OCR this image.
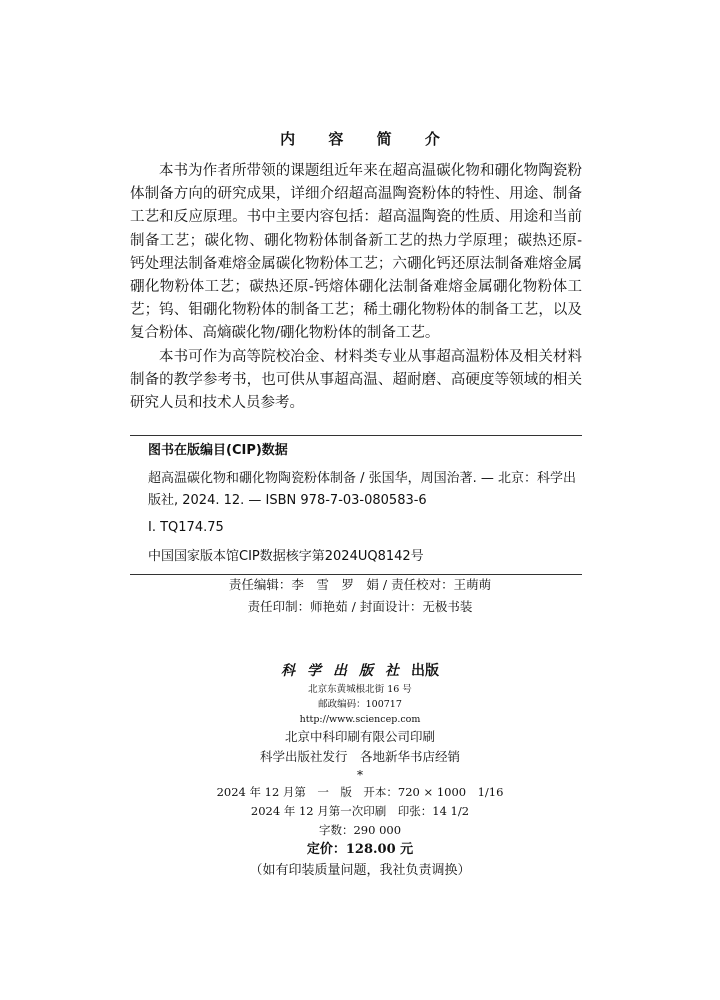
内 容 简 介

本书为作者所带领的课题组近年来在超高温碳化物和硼化物陶瓷粉体制备方向的研究成果，详细介绍超高温陶瓷粉体的特性、用途、制备工艺和反应原理。书中主要内容包括：超高温陶瓷的性质、用途和当前制备工艺；碳化物、硼化物粉体制备新工艺的热力学原理；碳热还原-钙处理法制备难熔金属碳化物粉体工艺；六硼化钙还原法制备难熔金属硼化物粉体工艺；碳热还原-钙熔体硼化法制备难熔金属硼化物粉体工艺；钨、钼硼化物粉体的制备工艺；稀土硼化物粉体的制备工艺，以及复合粉体、高熵碳化物/硼化物粉体的制备工艺。

本书可作为高等院校冶金、材料类专业从事超高温粉体及相关材料制备的教学参考书，也可供从事超高温、超耐磨、高硬度等领域的相关研究人员和技术人员参考。

图书在版编目(CIP)数据
超高温碳化物和硼化物陶瓷粉体制备 / 张国华，周国治著. — 北京：科学出版社, 2024. 12. — ISBN 978-7-03-080583-6
Ⅰ. TQ174.75
中国国家版本馆CIP数据核字第2024UQ8142号
责任编辑：李　雪　罗　娟 / 责任校对：王萌萌
责任印制：师艳茹 / 封面设计：无极书装
科学出版社出版
北京东黄城根北街 16 号
邮政编码：100717
http://www.sciencep.com
北京中科印刷有限公司印刷
科学出版社发行　各地新华书店经销
*
2024 年 12 月第　一　版　开本：720 × 1000　1/16
2024 年 12 月第一次印刷　印张：14 1/2
字数：290 000
定价：128.00 元
（如有印装质量问题，我社负责调换）
